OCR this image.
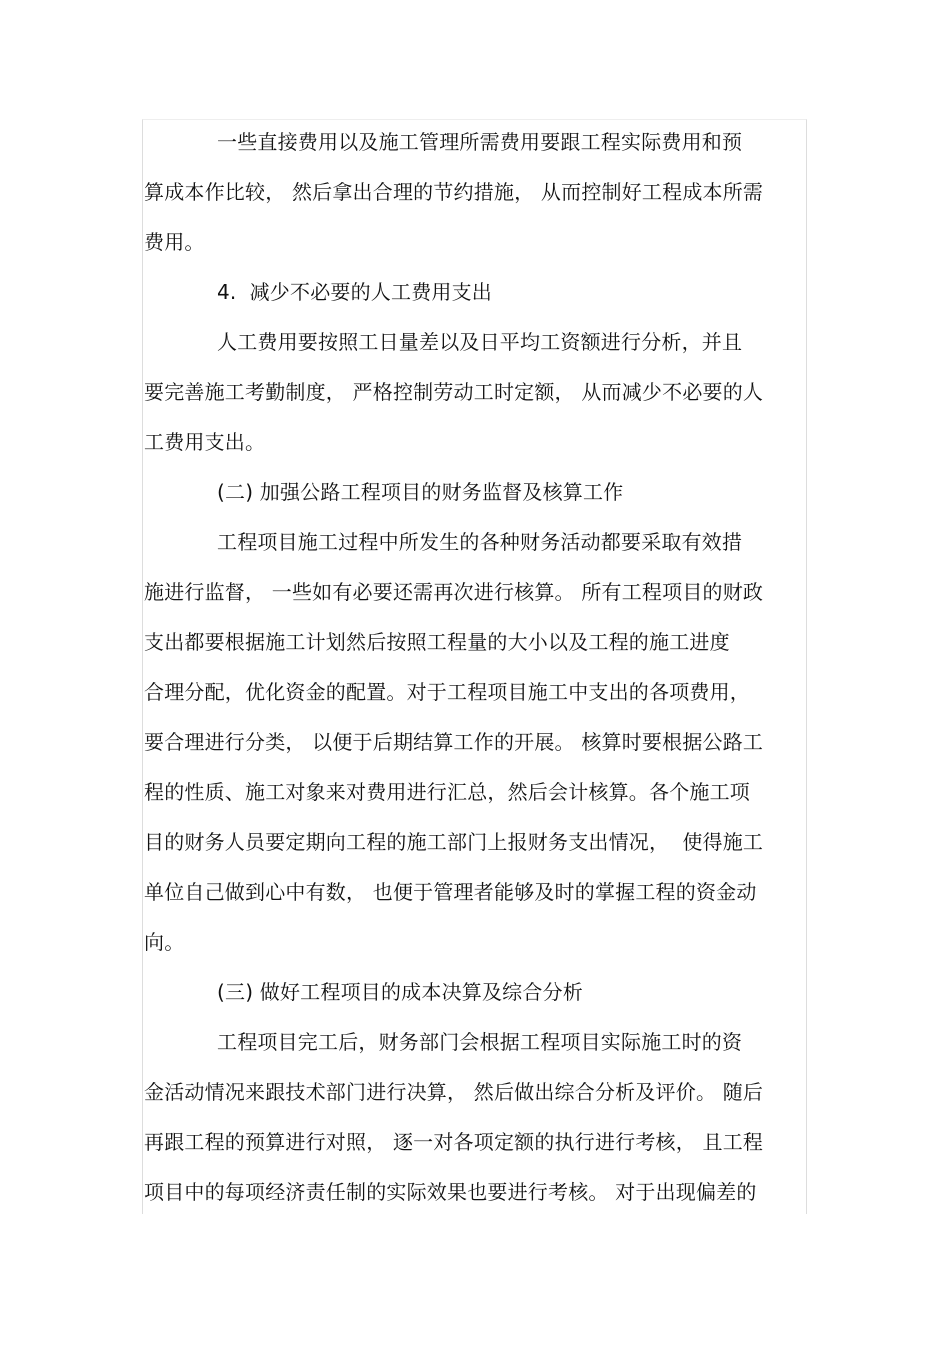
一些直接费用以及施工管理所需费用要跟工程实际费用和预
算成本作比较， 然后拿出合理的节约措施， 从而控制好工程成本所需
费用。
4.  减少不必要的人工费用支出
人工费用要按照工日量差以及日平均工资额进行分析，并且
要完善施工考勤制度， 严格控制劳动工时定额， 从而减少不必要的人
工费用支出。
(二) 加强公路工程项目的财务监督及核算工作
工程项目施工过程中所发生的各种财务活动都要采取有效措
施进行监督， 一些如有必要还需再次进行核算。 所有工程项目的财政
支出都要根据施工计划然后按照工程量的大小以及工程的施工进度
合理分配，优化资金的配置。对于工程项目施工中支出的各项费用，
要合理进行分类， 以便于后期结算工作的开展。 核算时要根据公路工
程的性质、施工对象来对费用进行汇总，然后会计核算。各个施工项
目的财务人员要定期向工程的施工部门上报财务支出情况，  使得施工
单位自己做到心中有数， 也便于管理者能够及时的掌握工程的资金动
向。
(三) 做好工程项目的成本决算及综合分析
工程项目完工后，财务部门会根据工程项目实际施工时的资
金活动情况来跟技术部门进行决算， 然后做出综合分析及评价。 随后
再跟工程的预算进行对照， 逐一对各项定额的执行进行考核， 且工程
项目中的每项经济责任制的实际效果也要进行考核。 对于出现偏差的
